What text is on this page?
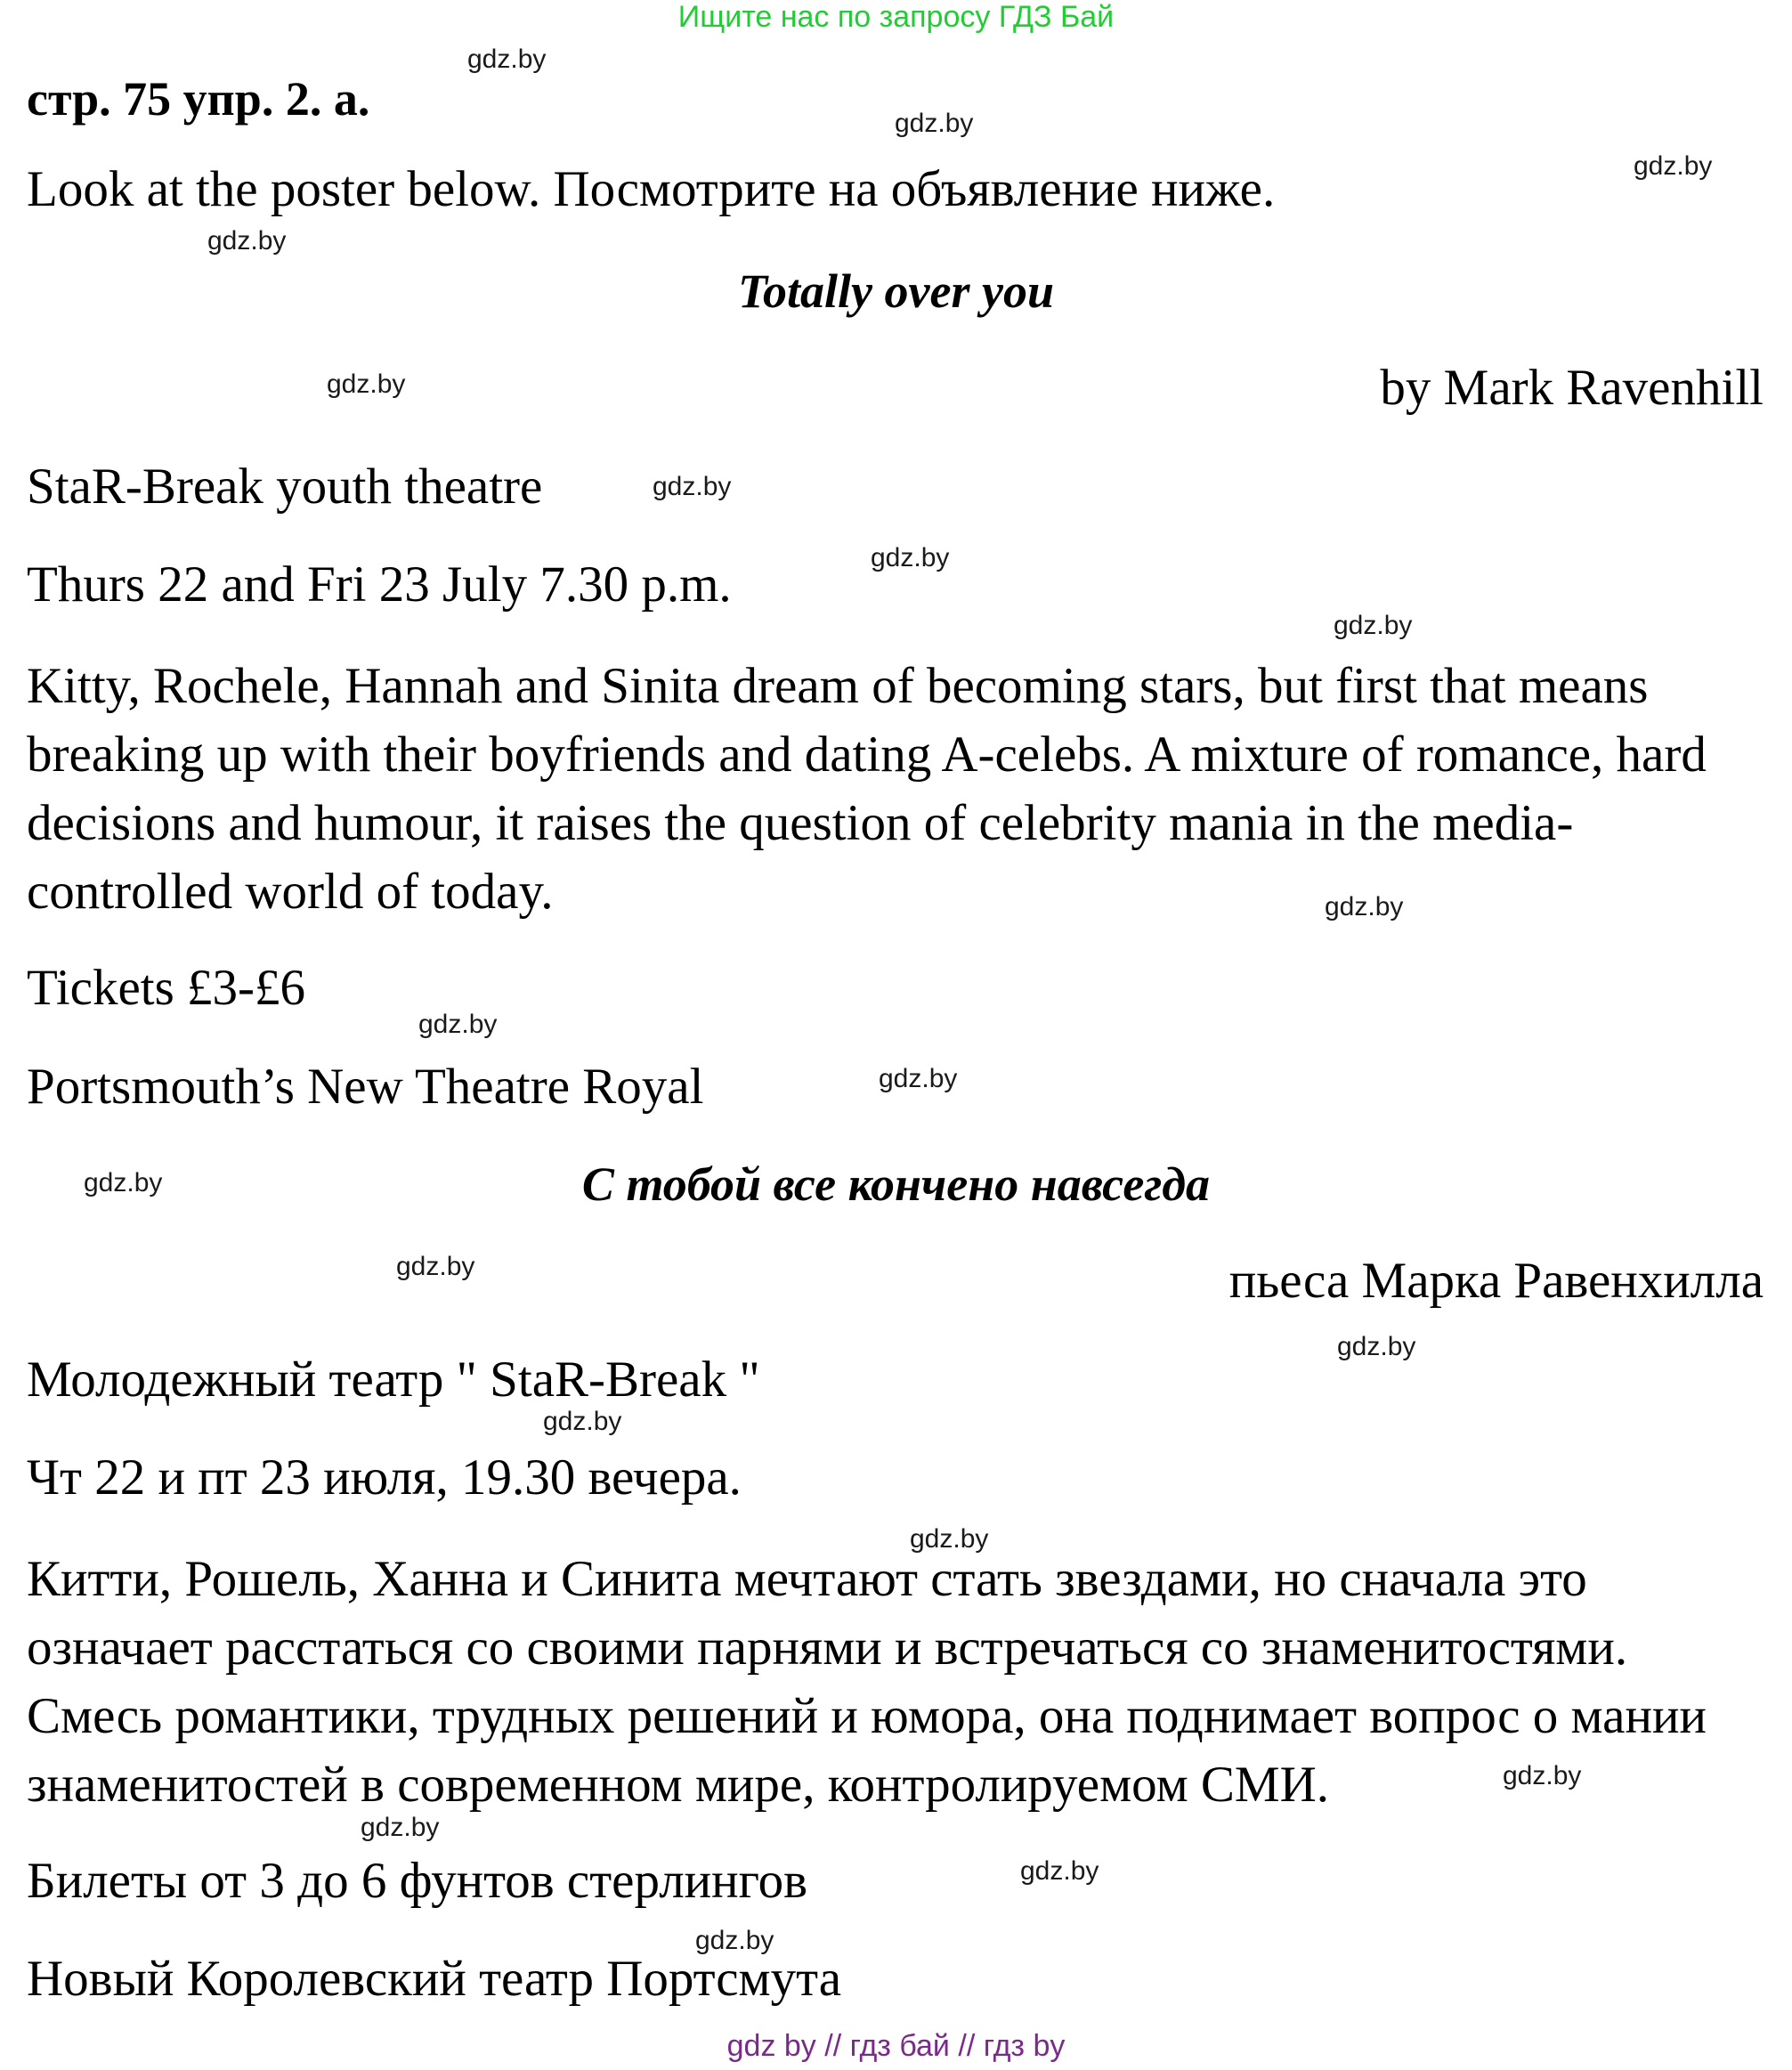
Ищите нас по запросу ГДЗ Бай

стр. 75 упр. 2. а.

Look at the poster below. Посмотрите на объявление ниже.

Totally over you

by Mark Ravenhill

StaR-Break youth theatre

Thurs 22 and Fri 23 July 7.30 p.m.

Kitty, Rochele, Hannah and Sinita dream of becoming stars, but first that means
breaking up with their boyfriends and dating A-celebs. A mixture of romance, hard
decisions and humour, it raises the question of celebrity mania in the media-
controlled world of today.

Tickets £3-£6

Portsmouth’s New Theatre Royal

С тобой все кончено навсегда

пьеса Марка Равенхилла

Молодежный театр " StaR-Break "

Чт 22 и пт 23 июля, 19.30 вечера.

Китти, Рошель, Ханна и Синита мечтают стать звездами, но сначала это
означает расстаться со своими парнями и встречаться со знаменитостями.
Смесь романтики, трудных решений и юмора, она поднимает вопрос о мании
знаменитостей в современном мире, контролируемом СМИ.

Билеты от 3 до 6 фунтов стерлингов

Новый Королевский театр Портсмута

gdz.by
gdz.by
gdz.by
gdz.by
gdz.by
gdz.by
gdz.by
gdz.by
gdz.by
gdz.by
gdz.by
gdz.by
gdz.by
gdz.by
gdz.by
gdz.by
gdz.by
gdz.by
gdz.by
gdz.by

gdz by // гдз бай // гдз by
